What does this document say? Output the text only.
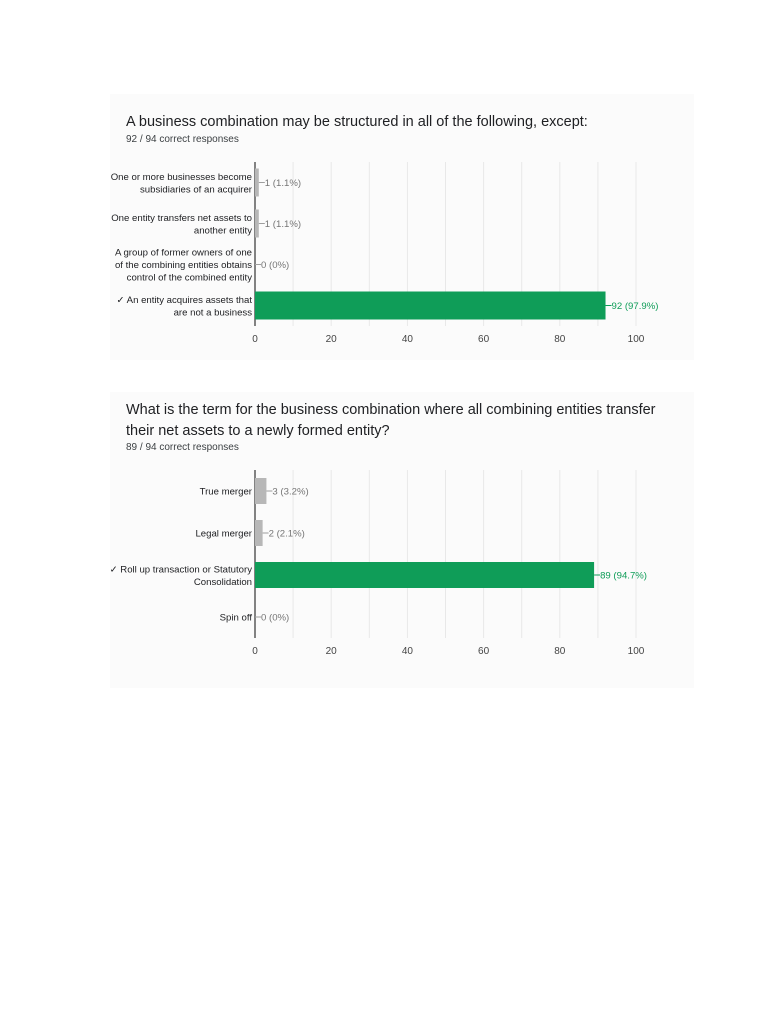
A business combination may be structured in all of the following, except:
92 / 94 correct responses
0	20	40	60	80	100
One or more businesses become
subsidiaries of an acquirer
1 (1.1%)
One entity transfers net assets to
another entity
1 (1.1%)
A group of former owners of one
of the combining entities obtains
control of the combined entity
0 (0%)
✓ An entity acquires assets that
are not a business
92 (97.9%)
What is the term for the business combination where all combining entities transfer their net assets to a newly formed entity?
89 / 94 correct responses
0	20	40	60	80	100
True merger 3 (3.2%)
Legal merger 2 (2.1%)
✓ Roll up transaction or Statutory
Consolidation
89 (94.7%)
Spin off 0 (0%)
